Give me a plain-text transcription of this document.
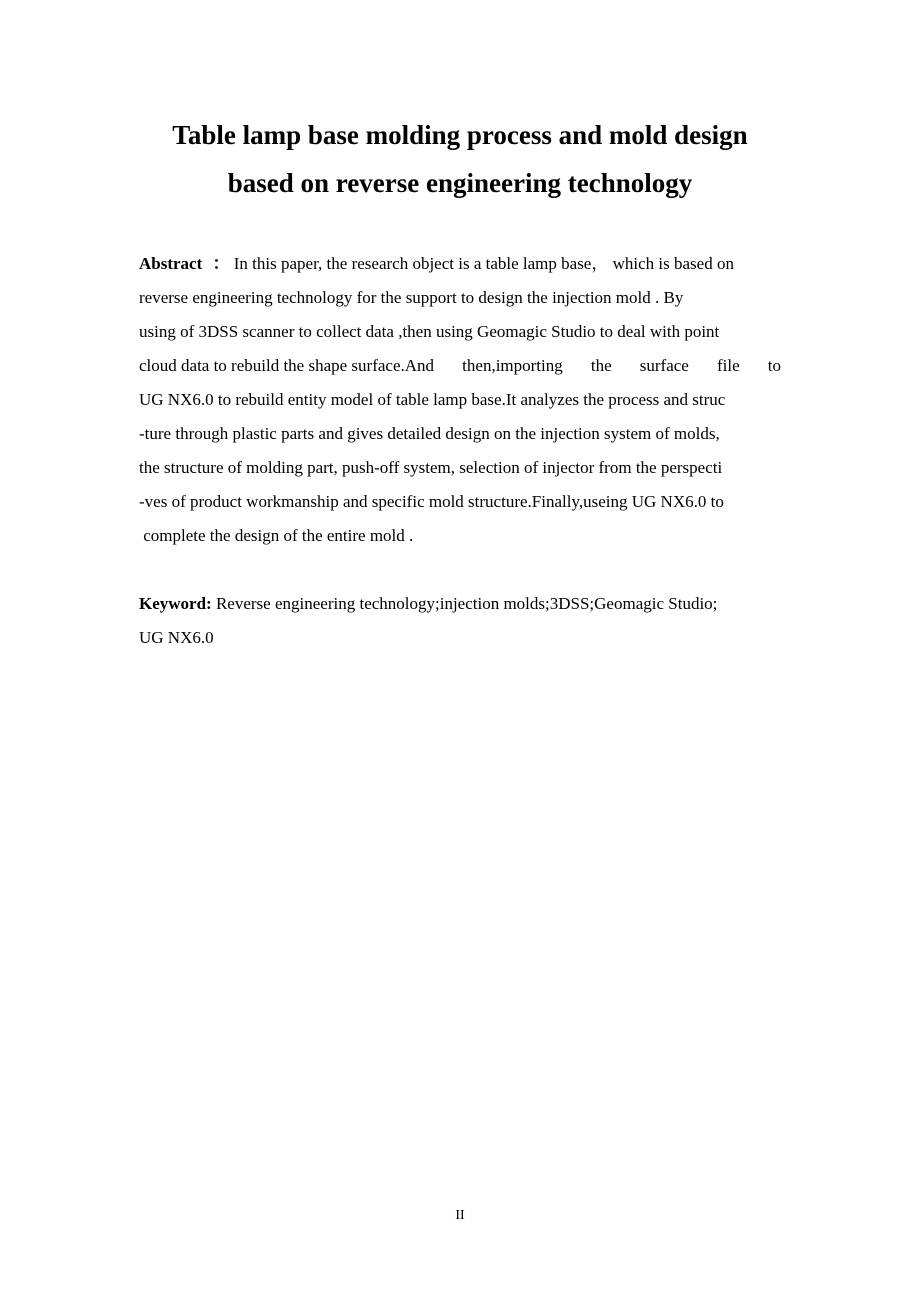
Table lamp base molding process and mold design
based on reverse engineering technology
Abstract ： In this paper, the research object is a table lamp base， which is based on
reverse engineering technology for the support to design the injection mold . By
using of 3DSS scanner to collect data ,then using Geomagic Studio to deal with point
cloud data to rebuild the shape surface.And then,importing the surface file to
UG NX6.0 to rebuild entity model of table lamp base.It analyzes the process and struc
-ture through plastic parts and gives detailed design on the injection system of molds,
the structure of molding part, push-off system, selection of injector from the perspecti
-ves of product workmanship and specific mold structure.Finally,useing UG NX6.0 to
complete the design of the entire mold .
Keyword: Reverse engineering technology;injection molds;3DSS;Geomagic Studio;
UG NX6.0
II
